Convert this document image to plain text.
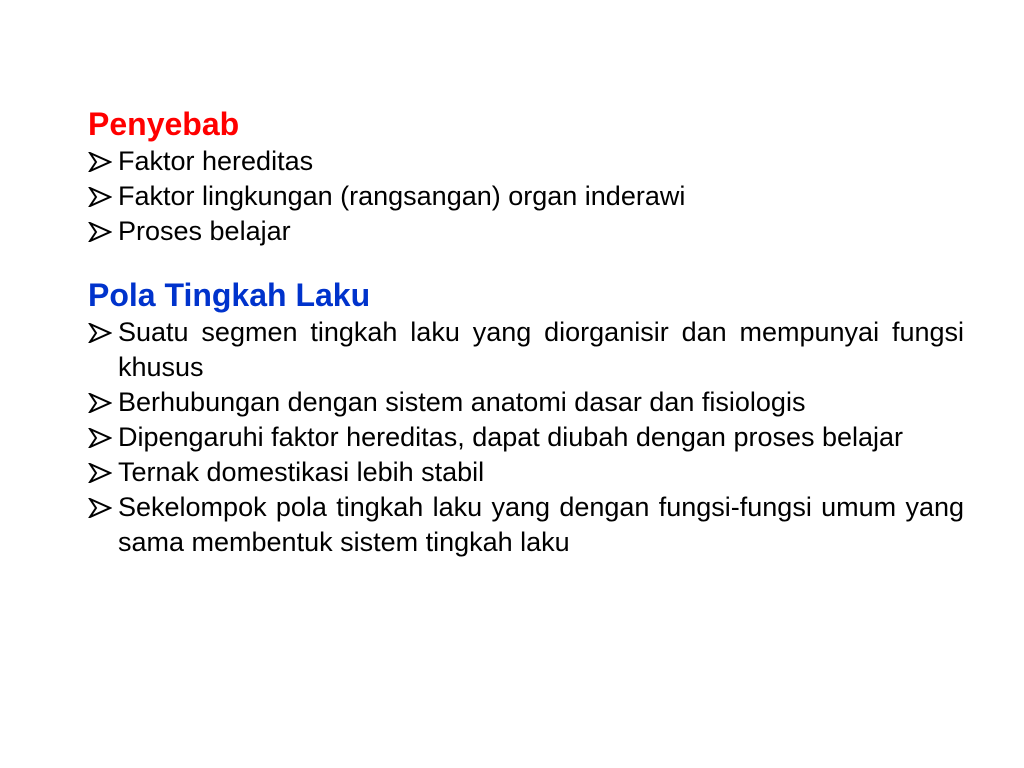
Penyebab
Faktor hereditas
Faktor lingkungan (rangsangan) organ inderawi
Proses belajar
Pola Tingkah Laku
Suatu segmen tingkah laku yang diorganisir dan mempunyai fungsi khusus
Berhubungan dengan sistem anatomi dasar dan fisiologis
Dipengaruhi faktor hereditas, dapat diubah dengan proses belajar
Ternak domestikasi lebih stabil
Sekelompok pola tingkah laku yang dengan fungsi-fungsi umum yang sama membentuk sistem tingkah laku
